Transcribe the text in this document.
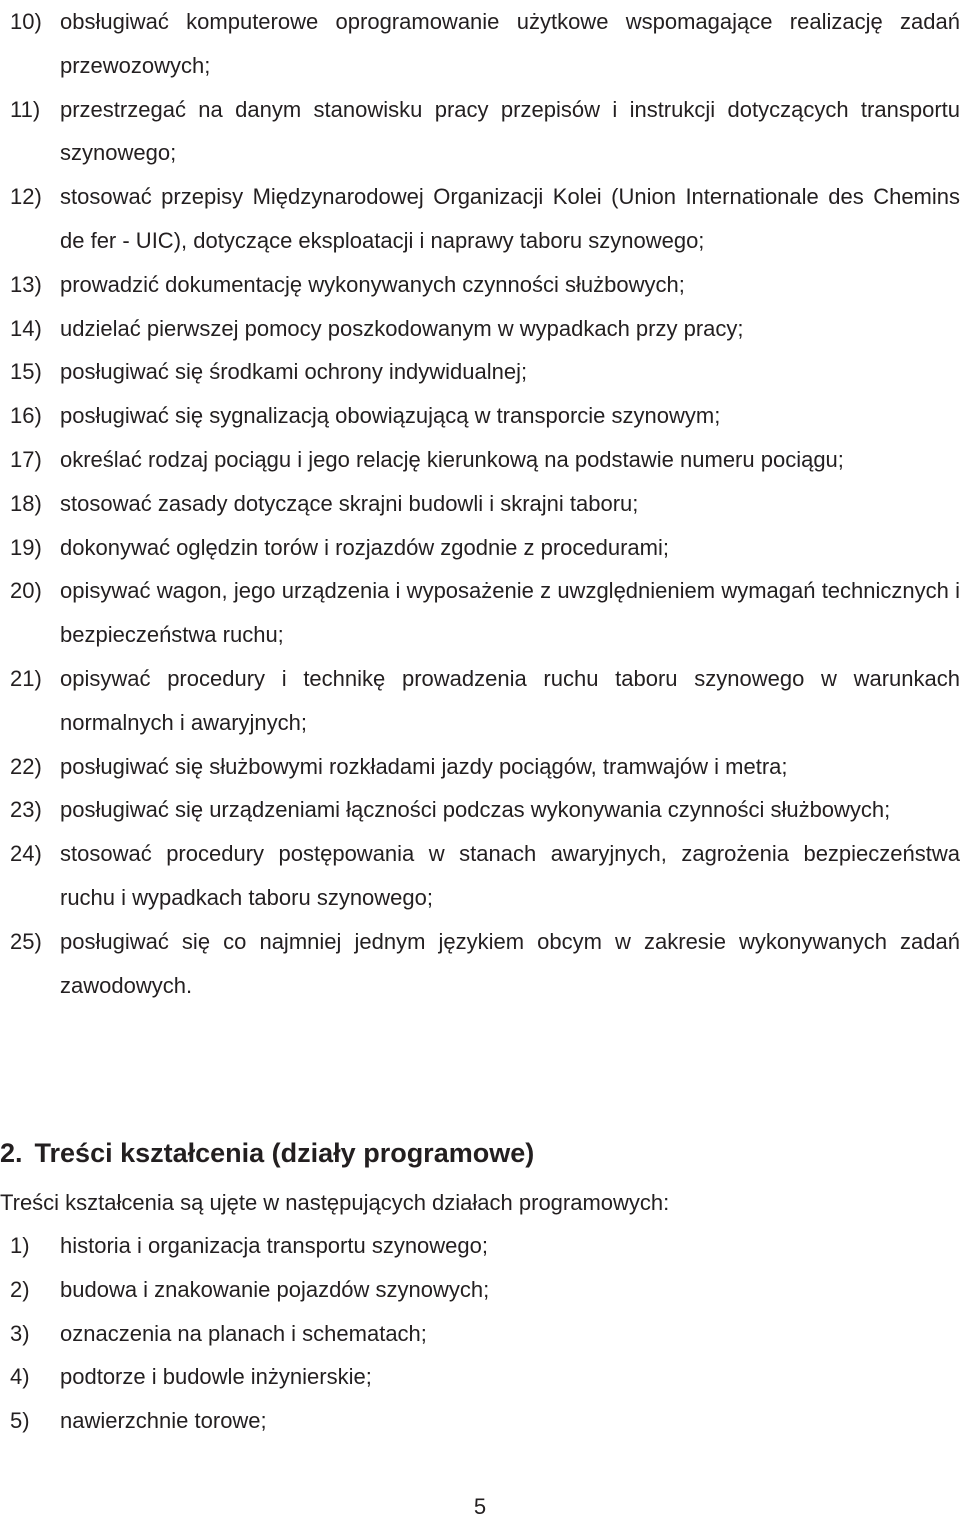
10) obsługiwać komputerowe oprogramowanie użytkowe wspomagające realizację zadań przewozowych;
11) przestrzegać na danym stanowisku pracy przepisów i instrukcji dotyczących transportu szynowego;
12) stosować przepisy Międzynarodowej Organizacji Kolei (Union Internationale des Chemins de fer - UIC), dotyczące eksploatacji i naprawy taboru szynowego;
13) prowadzić dokumentację wykonywanych czynności służbowych;
14) udzielać pierwszej pomocy poszkodowanym w wypadkach przy pracy;
15) posługiwać się środkami ochrony indywidualnej;
16) posługiwać się sygnalizacją obowiązującą w transporcie szynowym;
17) określać rodzaj pociągu i jego relację kierunkową na podstawie numeru pociągu;
18) stosować zasady dotyczące skrajni budowli i skrajni taboru;
19) dokonywać oględzin torów i rozjazdów zgodnie z procedurami;
20) opisywać wagon, jego urządzenia i wyposażenie z uwzględnieniem wymagań technicznych i bezpieczeństwa ruchu;
21) opisywać procedury i technikę prowadzenia ruchu taboru szynowego w warunkach normalnych i awaryjnych;
22) posługiwać się służbowymi rozkładami jazdy pociągów, tramwajów i metra;
23) posługiwać się urządzeniami łączności podczas wykonywania czynności służbowych;
24) stosować procedury postępowania w stanach awaryjnych, zagrożenia bezpieczeństwa ruchu i wypadkach taboru szynowego;
25) posługiwać się co najmniej jednym językiem obcym w zakresie wykonywanych zadań zawodowych.
2. Treści kształcenia (działy programowe)
Treści kształcenia są ujęte w następujących działach programowych:
1)	historia i organizacja transportu szynowego;
2)	budowa i znakowanie pojazdów szynowych;
3)	oznaczenia na planach i schematach;
4)	podtorze i budowle inżynierskie;
5)	nawierzchnie torowe;
5
